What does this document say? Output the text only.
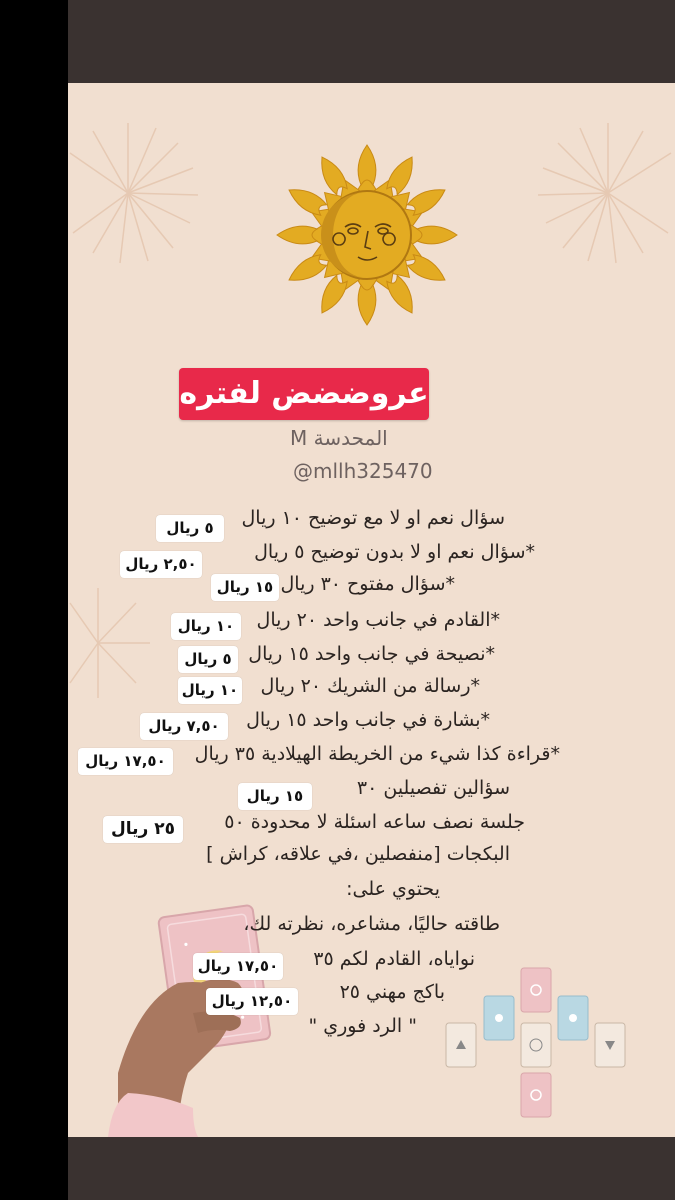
عروضضض لفتره
المحدسة M
@mllh325470
سؤال نعم او لا مع توضيح ١٠ ريال
٥ ريال
*سؤال نعم او لا بدون توضيح ٥ ريال
٢,٥٠ ريال
*سؤال مفتوح ٣٠ ريال
١٥ ريال
*القادم في جانب واحد ٢٠ ريال
١٠ ريال
*نصيحة في جانب واحد ١٥ ريال
٥ ريال
*رسالة من الشريك ٢٠ ريال
١٠ ريال
*بشارة في جانب واحد ١٥ ريال
٧,٥٠ ريال
*قراءة كذا شيء من الخريطة الهيلادية ٣٥ ريال
١٧,٥٠ ريال
سؤالين تفصيلين ٣٠
١٥ ريال
جلسة نصف ساعه اسئلة لا محدودة ٥٠
٢٥ ريال
البكجات [منفصلين ،في علاقه، كراش ]
يحتوي على:
طاقته حاليًا، مشاعره، نظرته لك،
نواياه، القادم لكم ٣٥
١٧,٥٠ ريال
باكج مهني ٢٥
١٢,٥٠ ريال
" الرد فوري "
